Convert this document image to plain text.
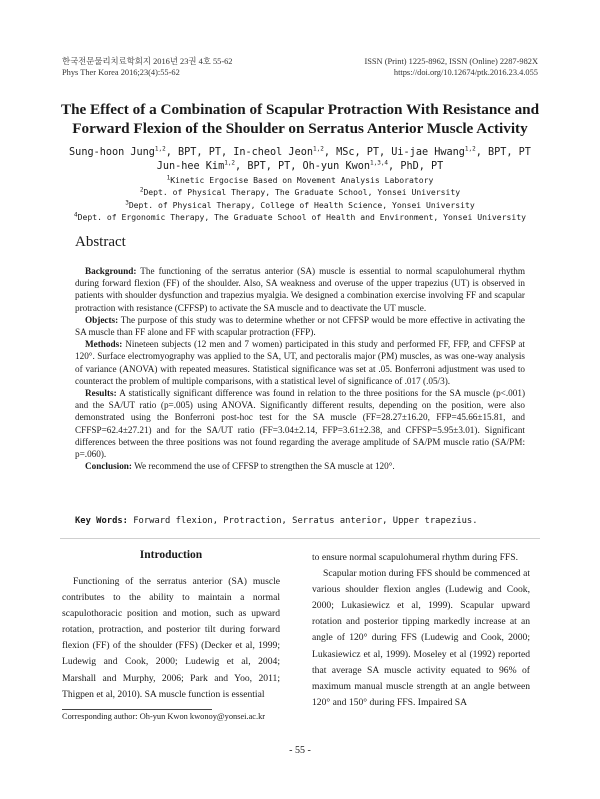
한국전문물리치료학회지 2016년 23권 4호 55-62
Phys Ther Korea 2016;23(4):55-62
ISSN (Print) 1225-8962, ISSN (Online) 2287-982X
https://doi.org/10.12674/ptk.2016.23.4.055
The Effect of a Combination of Scapular Protraction With Resistance and
Forward Flexion of the Shoulder on Serratus Anterior Muscle Activity
Sung-hoon Jung$^{1,2}$, BPT, PT, In-cheol Jeon$^{1,2}$, MSc, PT, Ui-jae Hwang$^{1,2}$, BPT, PT
Jun-hee Kim$^{1,2}$, BPT, PT, Oh-yun Kwon$^{1,3,4}$, PhD, PT
$^1$Kinetic Ergocise Based on Movement Analysis Laboratory
$^2$Dept. of Physical Therapy, The Graduate School, Yonsei University
$^3$Dept. of Physical Therapy, College of Health Science, Yonsei University
$^4$Dept. of Ergonomic Therapy, The Graduate School of Health and Environment, Yonsei University
Abstract

Background: The functioning of the serratus anterior (SA) muscle is essential to normal scapulohumeral rhythm during forward flexion (FF) of the shoulder. Also, SA weakness and overuse of the upper trapezius (UT) is observed in patients with shoulder dysfunction and trapezius myalgia. We designed a combination exercise involving FF and scapular protraction with resistance (CFFSP) to activate the SA muscle and to deactivate the UT muscle.

Objects: The purpose of this study was to determine whether or not CFFSP would be more effective in activating the SA muscle than FF alone and FF with scapular protraction (FFP).

Methods: Nineteen subjects (12 men and 7 women) participated in this study and performed FF, FFP, and CFFSP at 120°. Surface electromyography was applied to the SA, UT, and pectoralis major (PM) muscles, as was one-way analysis of variance (ANOVA) with repeated measures. Statistical significance was set at .05. Bonferroni adjustment was used to counteract the problem of multiple comparisons, with a statistical level of significance of .017 (.05/3).

Results: A statistically significant difference was found in relation to the three positions for the SA muscle (p<.001) and the SA/UT ratio (p=.005) using ANOVA. Significantly different results, depending on the position, were also demonstrated using the Bonferroni post-hoc test for the SA muscle (FF=28.27±16.20, FFP=45.66±15.81, and CFFSP=62.4±27.21) and for the SA/UT ratio (FF=3.04±2.14, FFP=3.61±2.38, and CFFSP=5.95±3.01). Significant differences between the three positions was not found regarding the average amplitude of SA/PM muscle ratio (SA/PM: p=.060).

Conclusion: We recommend the use of CFFSP to strengthen the SA muscle at 120°.

Key Words: Forward flexion, Protraction, Serratus anterior, Upper trapezius.
Introduction

Functioning of the serratus anterior (SA) muscle contributes to the ability to maintain a normal scapulothoracic position and motion, such as upward rotation, protraction, and posterior tilt during forward flexion (FF) of the shoulder (FFS) (Decker et al, 1999; Ludewig and Cook, 2000; Ludewig et al, 2004; Marshall and Murphy, 2006; Park and Yoo, 2011; Thigpen et al, 2010). SA muscle function is essential

to ensure normal scapulohumeral rhythm during FFS.

Scapular motion during FFS should be commenced at various shoulder flexion angles (Ludewig and Cook, 2000; Lukasiewicz et al, 1999). Scapular upward rotation and posterior tipping markedly increase at an angle of 120° during FFS (Ludewig and Cook, 2000; Lukasiewicz et al, 1999). Moseley et al (1992) reported that average SA muscle activity equated to 96% of maximum manual muscle strength at an angle between 120° and 150° during FFS. Impaired SA

Corresponding author: Oh-yun Kwon kwonoy@yonsei.ac.kr
- 55 -
